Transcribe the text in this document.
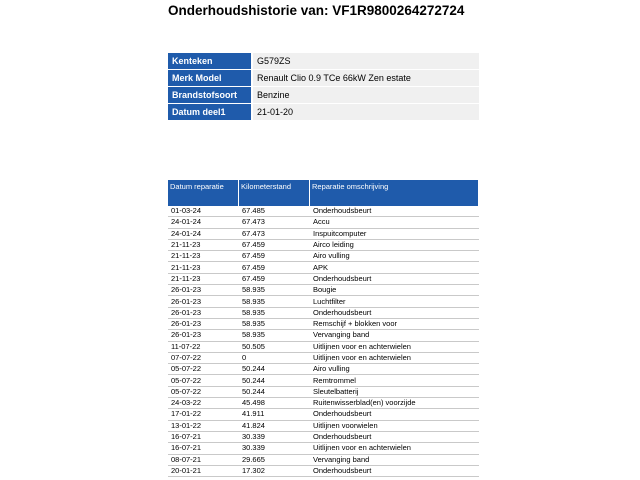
Onderhoudshistorie van: VF1R9800264272724
Kenteken	G579ZS
Merk Model	Renault Clio 0.9 TCe 66kW Zen estate
Brandstofsoort	Benzine
Datum deel1	21-01-20
Datum reparatie	Kilometerstand	Reparatie omschrijving
01-03-24	67.485	Onderhoudsbeurt
24-01-24	67.473	Accu
24-01-24	67.473	Inspuitcomputer
21-11-23	67.459	Airco leiding
21-11-23	67.459	Airo vulling
21-11-23	67.459	APK
21-11-23	67.459	Onderhoudsbeurt
26-01-23	58.935	Bougie
26-01-23	58.935	Luchtfilter
26-01-23	58.935	Onderhoudsbeurt
26-01-23	58.935	Remschijf + blokken voor
26-01-23	58.935	Vervanging band
11-07-22	50.505	Uitlijnen voor en achterwielen
07-07-22	0	Uitlijnen voor en achterwielen
05-07-22	50.244	Airo vulling
05-07-22	50.244	Remtrommel
05-07-22	50.244	Sleutelbatterij
24-03-22	45.498	Ruitenwisserblad(en) voorzijde
17-01-22	41.911	Onderhoudsbeurt
13-01-22	41.824	Uitlijnen voorwielen
16-07-21	30.339	Onderhoudsbeurt
16-07-21	30.339	Uitlijnen voor en achterwielen
08-07-21	29.665	Vervanging band
20-01-21	17.302	Onderhoudsbeurt
